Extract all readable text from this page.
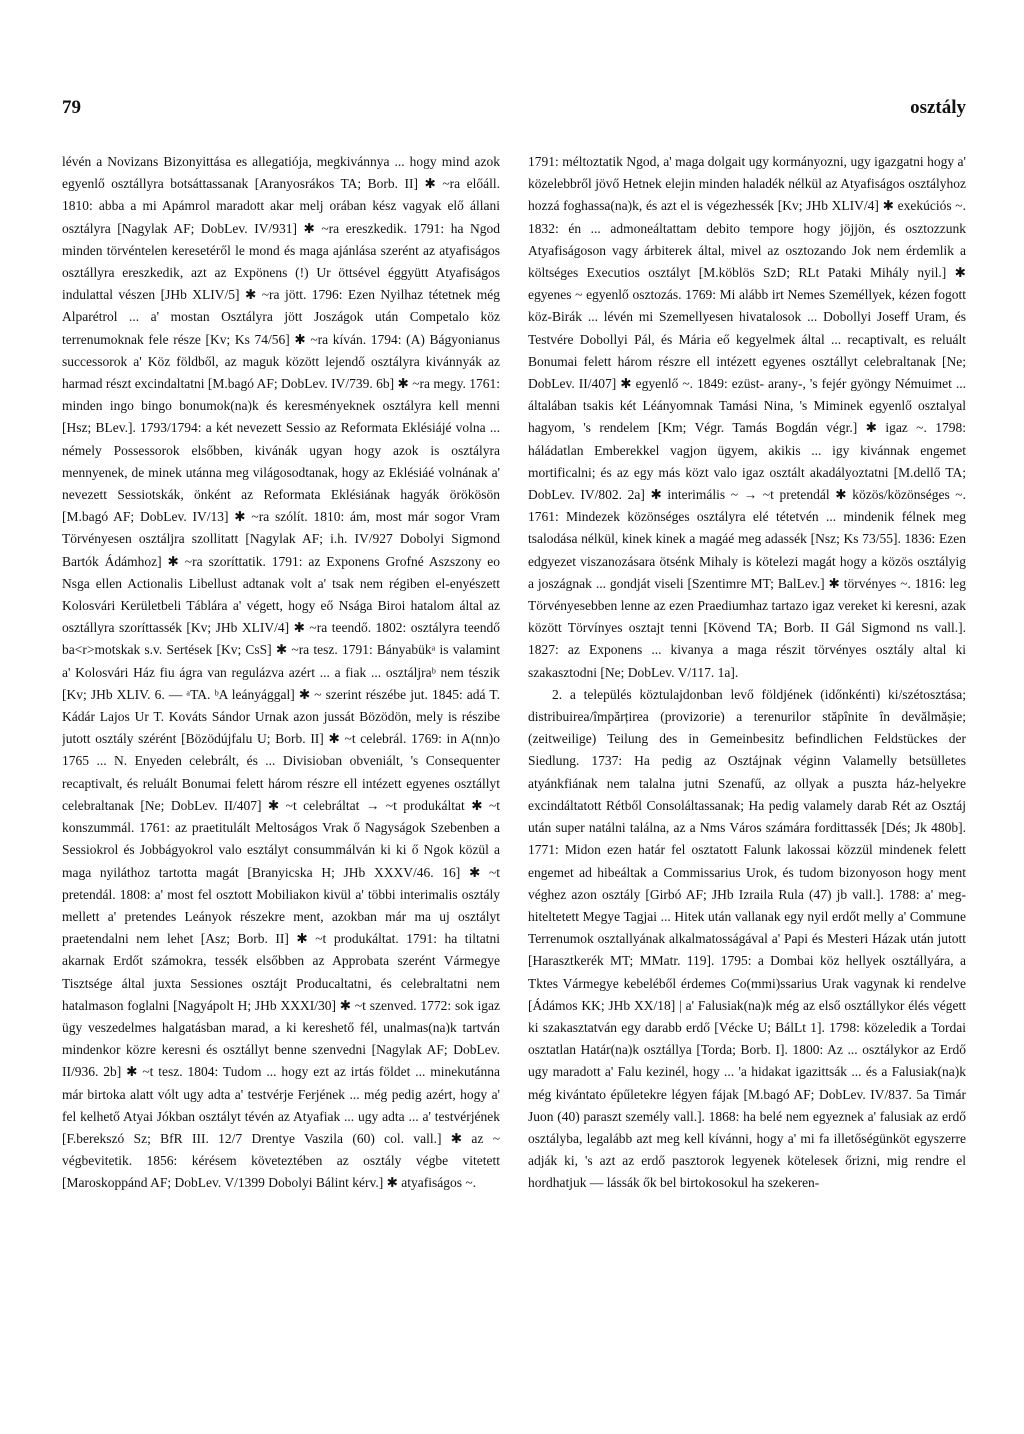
79	osztály

lévén a Novizans Bizonyittása es allegatiója, megkivánnya ... hogy mind azok egyenlő osztállyra botsáttassanak [Aranyosrákos TA; Borb. II] ✱ ~ra előáll. 1810: abba a mi Apámrol maradott akar melj orában kész vagyak elő állani osztályra [Nagylak AF; DobLev. IV/931] ✱ ~ra ereszkedik. 1791: ha Ngod minden törvéntelen keresetéről le mond és maga ajánlása szerént az atyafiságos osztállyra ereszkedik, azt az Expönens (!) Ur öttsével éggyütt Atyafiságos indulattal vészen [JHb XLIV/5] ✱ ~ra jött. 1796: Ezen Nyilhaz tétetnek még Alparétrol ... a' mostan Osztályra jött Joszágok után Competalo köz terrenumoknak fele része [Kv; Ks 74/56] ✱ ~ra kíván. 1794: (A) Bágyonianus successorok a' Köz földből, az maguk között lejendő osztályra kivánnyák az harmad részt excindaltatni [M.bagó AF; DobLev. IV/739. 6b] ✱ ~ra megy. 1761: minden ingo bingo bonumok(na)k és keresményeknek osztályra kell menni [Hsz; BLev.]. 1793/1794: a két nevezett Sessio az Reformata Eklésiájé volna ... némely Possessorok elsőbben, kivánák ugyan hogy azok is osztályra mennyenek, de minek utánna meg világosodtanak, hogy az Eklésiáé volnának a' nevezett Sessiotskák, önként az Reformata Eklésiának hagyák örökösön [M.bagó AF; DobLev. IV/13] ✱ ~ra szólít. 1810: ám, most már sogor Vram Törvényesen osztáljra szollitatt [Nagylak AF; i.h. IV/927 Dobolyi Sigmond Bartók Ádámhoz] ✱ ~ra szoríttatik. 1791: az Exponens Grofné Aszszony eo Nsga ellen Actionalis Libellust adtanak volt a' tsak nem régiben el-enyészett Kolosvári Kerületbeli Táblára a' végett, hogy eő Nsága Biroi hatalom által az osztállyra szoríttassék [Kv; JHb XLIV/4] ✱ ~ra teendő. 1802: osztályra teendő ba<r>motskak s.v. Sertések [Kv; CsS] ✱ ~ra tesz. 1791: Bányabükᵃ is valamint a' Kolosvári Ház fiu ágra van regulázva azért ... a fiak ... osztáljraᵇ nem tészik [Kv; JHb XLIV. 6. — ᵃTA. ᵇA leányággal] ✱ ~ szerint részébe jut. 1845: adá T. Kádár Lajos Ur T. Kováts Sándor Urnak azon jussát Bözödön, mely is részibe jutott osztály szérént [Bözödújfalu U; Borb. II] ✱ ~t celebrál. 1769: in A(nn)o 1765 ... N. Enyeden celebrált, és ... Divisioban obveniált, 's Consequenter recaptivalt, és reluált Bonumai felett három részre ell intézett egyenes osztállyt celebraltanak [Ne; DobLev. II/407] ✱ ~t celebráltat → ~t produkáltat ✱ ~t konszummál. 1761: az praetitulált Meltoságos Vrak ő Nagyságok Szebenben a Sessiokrol és Jobbágyokrol valo esztályt consummálván ki ki ő Ngok közül a maga nyiláthoz tartotta magát [Branyicska H; JHb XXXV/46. 16] ✱ ~t pretendál. 1808: a' most fel osztott Mobiliakon kivül a' többi interimalis osztály mellett a' pretendes Leányok részekre ment, azokban már ma uj osztályt praetendalni nem lehet [Asz; Borb. II] ✱ ~t produkáltat. 1791: ha tiltatni akarnak Erdőt számokra, tessék elsőbben az Approbata szerént Vármegye Tisztsége által juxta Sessiones osztájt Producaltatni, és celebraltatni nem hatalmason foglalni [Nagyápolt H; JHb XXXI/30] ✱ ~t szenved. 1772: sok igaz ügy veszedelmes halgatásban marad, a ki kereshető fél, unalmas(na)k tartván mindenkor közre keresni és osztállyt benne szenvedni [Nagylak AF; DobLev. II/936. 2b] ✱ ~t tesz. 1804: Tudom ... hogy ezt az irtás földet ... minekutánna már birtoka alatt vólt ugy adta a' testvérje Ferjének ... még pedig azért, hogy a' fel kelhető Atyai Jókban osztályt tévén az Atyafiak ... ugy adta ... a' testvérjének [F.berekszó Sz; BfR III. 12/7 Drentye Vaszila (60) col. vall.] ✱ az ~ végbevitetik. 1856: kérésem követeztében az osztály végbe vitetett [Maroskoppánd AF; DobLev. V/1399 Dobolyi Bálint kérv.] ✱ atyafiságos ~.

1791: méltoztatik Ngod, a' maga dolgait ugy kormányozni, ugy igazgatni hogy a' közelebbről jövő Hetnek elejin minden haladék nélkül az Atyafiságos osztályhoz hozzá foghassa(na)k, és azt el is végezhessék [Kv; JHb XLIV/4] ✱ exekúciós ~. 1832: én ... admoneáltattam debito tempore hogy jöjjön, és osztozzunk Atyafiságoson vagy árbiterek által, mivel az osztozando Jok nem érdemlik a költséges Executios osztályt [M.köblös SzD; RLt Pataki Mihály nyil.] ✱ egyenes ~ egyenlő osztozás. 1769: Mi alább irt Nemes Személlyek, kézen fogott köz-Birák ... lévén mi Szemellyesen hivatalosok ... Dobollyi Joseff Uram, és Testvére Dobollyi Pál, és Mária eő kegyelmek által ... recaptivalt, es reluált Bonumai felett három részre ell intézett egyenes osztállyt celebraltanak [Ne; DobLev. II/407] ✱ egyenlő ~. 1849: ezüst- arany-, 's fejér gyöngy Némuimet ... általában tsakis két Léányomnak Tamási Nina, 's Miminek egyenlő osztalyal hagyom, 's rendelem [Km; Végr. Tamás Bogdán végr.] ✱ igaz ~. 1798: háládatlan Emberekkel vagjon ügyem, akikis ... igy kivánnak engemet mortificalni; és az egy más közt valo igaz osztált akadályoztatni [M.dellő TA; DobLev. IV/802. 2a] ✱ interimális ~ → ~t pretendál ✱ közös/közönséges ~. 1761: Mindezek közönséges osztályra elé tétetvén ... mindenik félnek meg tsalodása nélkül, kinek kinek a magáé meg adassék [Nsz; Ks 73/55]. 1836: Ezen edgyezet viszanozásara ötsénk Mihaly is kötelezi magát hogy a közös osztályig a joszágnak ... gondját viseli [Szentimre MT; BalLev.] ✱ törvényes ~. 1816: leg Törvényesebben lenne az ezen Praediumhaz tartazo igaz vereket ki keresni, azak között Törvínyes osztajt tenni [Kövend TA; Borb. II Gál Sigmond ns vall.]. 1827: az Exponens ... kivanya a maga részit törvényes osztály altal ki szakasztodni [Ne; DobLev. V/117. 1a].

2. a település köztulajdonban levő földjének (időnkénti) ki/szétosztása; distribuirea/împărțirea (provizorie) a terenurilor stăpînite în devălmășie; (zeitweilige) Teilung des in Gemeinbesitz befindlichen Feldstückes der Siedlung. 1737: Ha pedig az Osztájnak véginn Valamelly betsülletes atyánkfiának nem talalna jutni Szenafű, az ollyak a puszta ház-helyekre excindáltatott Rétből Consoláltassanak; Ha pedig valamely darab Rét az Osztáj után super natálni találna, az a Nms Város számára fordittassék [Dés; Jk 480b]. 1771: Midon ezen határ fel osztatott Falunk lakossai közzül mindenek felett engemet ad hibeáltak a Commissarius Urok, és tudom bizonyoson hogy ment véghez azon osztály [Girbó AF; JHb Izraila Rula (47) jb vall.]. 1788: a' meg-hiteltetett Megye Tagjai ... Hitek után vallanak egy nyil erdőt melly a' Commune Terrenumok osztallyának alkalmatosságával a' Papi és Mesteri Házak után jutott [Harasztkerék MT; MMatr. 119]. 1795: a Dombai köz hellyek osztállyára, a Tktes Vármegye kebeléből érdemes Co(mmi)ssarius Urak vagynak ki rendelve [Ádámos KK; JHb XX/18] | a' Falusiak(na)k még az első osztállykor élés végett ki szakasztatván egy darabb erdő [Vécke U; BálLt 1]. 1798: közeledik a Tordai osztatlan Határ(na)k osztállya [Torda; Borb. I]. 1800: Az ... osztálykor az Erdő ugy maradott a' Falu kezinél, hogy ... 'a hidakat igazittsák ... és a Falusiak(na)k még kivántato épűletekre légyen fájak [M.bagó AF; DobLev. IV/837. 5a Timár Juon (40) paraszt személy vall.]. 1868: ha belé nem egyeznek a' falusiak az erdő osztályba, legalább azt meg kell kívánni, hogy a' mi fa illetőségünköt egyszerre adják ki, 's azt az erdő pasztorok legyenek kötelesek őrizni, mig rendre el hordhatjuk — lássák ők bel birtokosokul ha szekeren-
